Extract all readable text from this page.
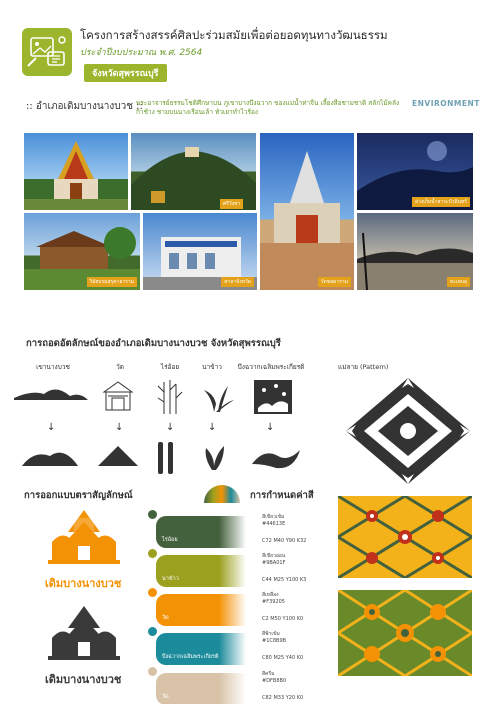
โครงการสร้างสรรค์ศิลปะร่วมสมัยเพื่อต่อยอดทุนทางวัฒนธรรม
ประจำปีงบประมาณ พ.ศ. 2564
จังหวัดสุพรรณบุรี
:: อำเภอเดิมบางนางบวช ::
พระอาจารย์ธรรมโชติศึกษาบน ภูเขาบางบึงฉวาก ของแม่น้ำท่าจีน เลี้ยงสือชามชาติ สลักไม้คลังก้าช้าง ชามบนนางเรือนเล้า หัวเยาทำไวร้อง
ENVIRONMENT
วิลัยบรมสรุคาธาราม	ศาลาจังหวัด	วัดชลดาราม
อ่างเก็บน้ำสาระบัวอินทร์
ทะเลบลุ
ศรีวังชา
การถอดอัตลักษณ์ของอำเภอเดิมบางนางบวช จังหวัดสุพรรณบุรี
เขานางบวช	วัด	ไร่อ้อย	นาข้าว	บึงฉวากเฉลิมพระเกียรติ	แม่ลาย (Pattern)
↓	↓	↓	↓	↓
การออกแบบตราสัญลักษณ์	การกำหนดค่าสี
เดิมบางนางบวช
เดิมบางนางบวช
ไร่อ้อย
สีเขียวเข้ม
#44613E
C72 M40 Y90 K32
นาข้าว
สีเขียวอ่อน
#9BA01F
C44 M25 Y100 K3
วัด
สีเหลือง
#F39205
C2 M50 Y100 K0
บึงฉวากเฉลิมพระเกียรติ
สีฟ้าเข้ม
#1C8B9B
C80 M25 Y40 K0
วัด
สีครีม
#DFB8B0
C82 M33 Y20 K0
